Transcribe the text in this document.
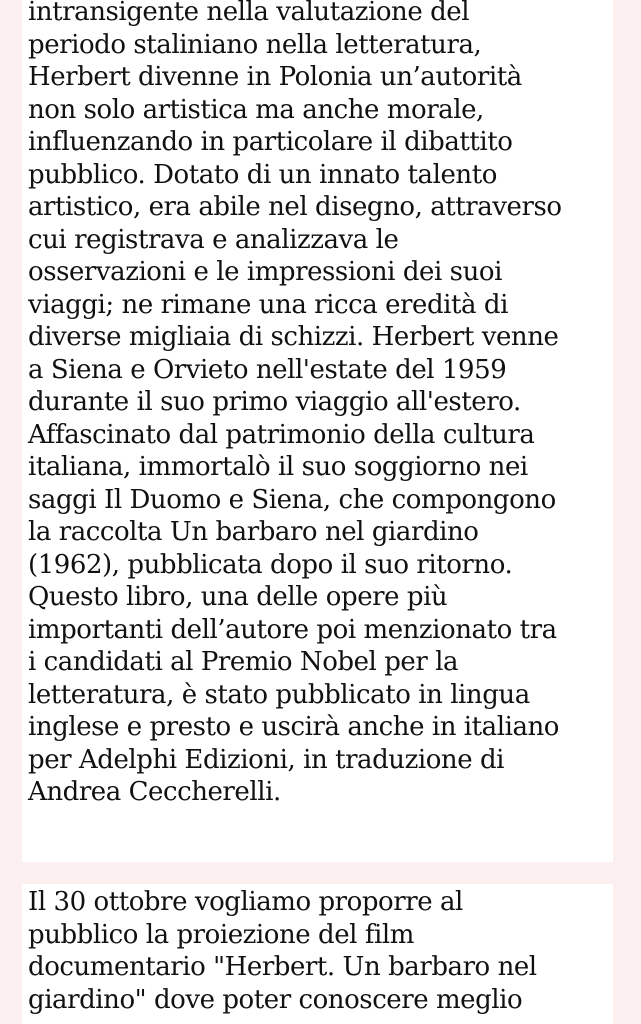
intransigente nella valutazione del
periodo staliniano nella letteratura,
Herbert divenne in Polonia un’autorità
non solo artistica ma anche morale,
influenzando in particolare il dibattito
pubblico. Dotato di un innato talento
artistico, era abile nel disegno, attraverso
cui registrava e analizzava le
osservazioni e le impressioni dei suoi
viaggi; ne rimane una ricca eredità di
diverse migliaia di schizzi. Herbert venne
a Siena e Orvieto nell'estate del 1959
durante il suo primo viaggio all'estero.
Affascinato dal patrimonio della cultura
italiana, immortalò il suo soggiorno nei
saggi Il Duomo e Siena, che compongono
la raccolta Un barbaro nel giardino
(1962), pubblicata dopo il suo ritorno.
Questo libro, una delle opere più
importanti dell’autore poi menzionato tra
i candidati al Premio Nobel per la
letteratura, è stato pubblicato in lingua
inglese e presto e uscirà anche in italiano
per Adelphi Edizioni, in traduzione di
Andrea Ceccherelli.
Il 30 ottobre vogliamo proporre al
pubblico la proiezione del film
documentario "Herbert. Un barbaro nel
giardino" dove poter conoscere meglio
